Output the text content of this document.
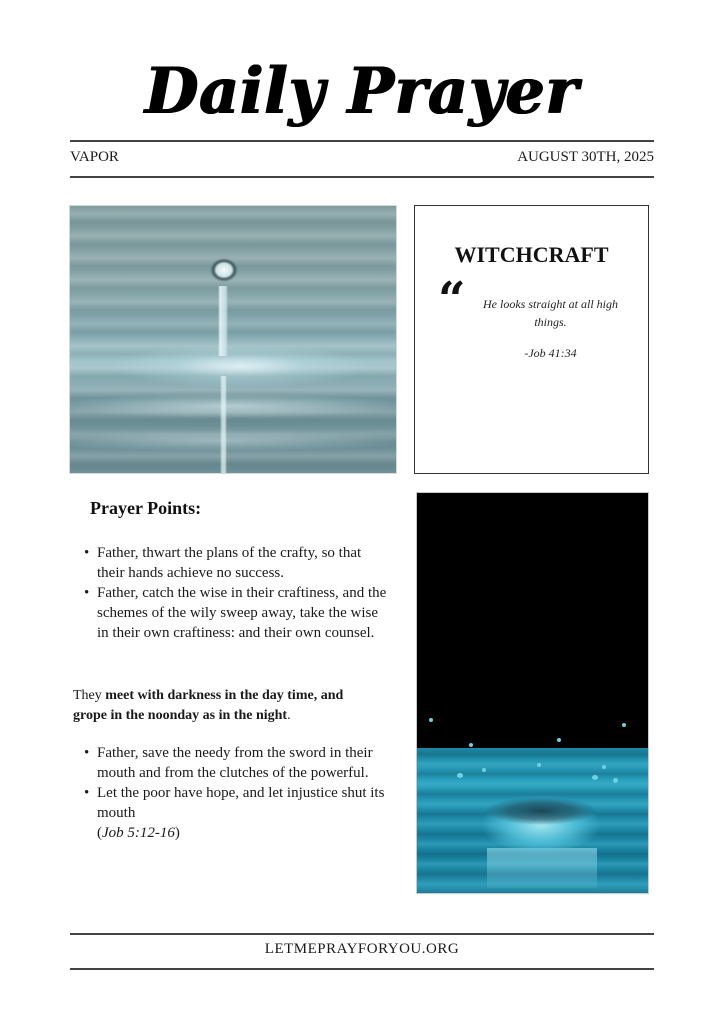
Daily Prayer
VAPOR	AUGUST 30TH, 2025
WITCHCRAFT
“	He looks straight at all high things.
-Job 41:34
Prayer Points:
• Father, thwart the plans of the crafty, so that their hands achieve no success.
• Father, catch the wise in their craftiness, and the schemes of the wily sweep away, take the wise in their own craftiness: and their own counsel.
They meet with darkness in the day time, and grope in the noonday as in the night.
• Father, save the needy from the sword in their mouth and from the clutches of the powerful.
• Let the poor have hope, and let injustice shut its mouth
(Job 5:12-16)
LETMEPRAYFORYOU.ORG
